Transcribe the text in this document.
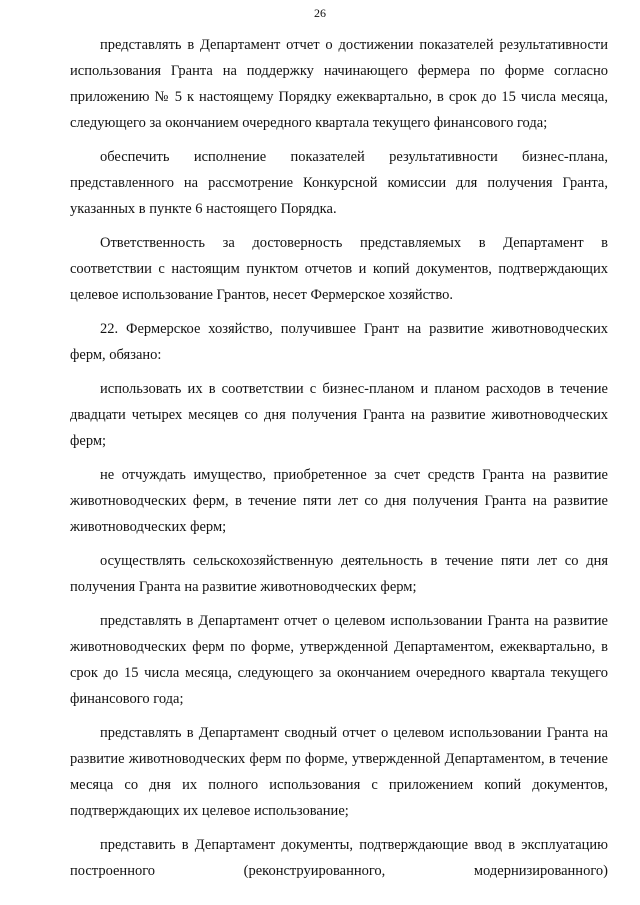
26

представлять в Департамент отчет о достижении показателей результативности использования Гранта на поддержку начинающего фермера по форме согласно приложению № 5 к настоящему Порядку ежеквартально, в срок до 15 числа месяца, следующего за окончанием очередного квартала текущего финансового года;

обеспечить исполнение показателей результативности бизнес-плана, представленного на рассмотрение Конкурсной комиссии для получения Гранта, указанных в пункте 6 настоящего Порядка.

Ответственность за достоверность представляемых в Департамент в соответствии с настоящим пунктом отчетов и копий документов, подтверждающих целевое использование Грантов, несет Фермерское хозяйство.

22. Фермерское хозяйство, получившее Грант на развитие животноводческих ферм, обязано:

использовать их в соответствии с бизнес-планом и планом расходов в течение двадцати четырех месяцев со дня получения Гранта на развитие животноводческих ферм;

не отчуждать имущество, приобретенное за счет средств Гранта на развитие животноводческих ферм, в течение пяти лет со дня получения Гранта на развитие животноводческих ферм;

осуществлять сельскохозяйственную деятельность в течение пяти лет со дня получения Гранта на развитие животноводческих ферм;

представлять в Департамент отчет о целевом использовании Гранта на развитие животноводческих ферм по форме, утвержденной Департаментом, ежеквартально, в срок до 15 числа месяца, следующего за окончанием очередного квартала текущего финансового года;

представлять в Департамент сводный отчет о целевом использовании Гранта на развитие животноводческих ферм по форме, утвержденной Департаментом, в течение месяца со дня их полного использования с приложением копий документов, подтверждающих их целевое использование;

представить в Департамент документы, подтверждающие ввод в эксплуатацию построенного (реконструированного, модернизированного)
